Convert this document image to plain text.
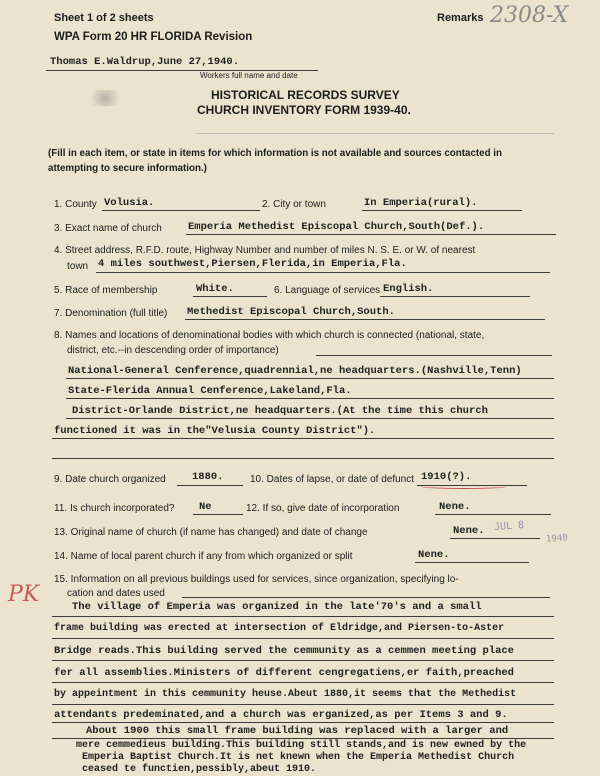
Sheet 1 of 2 sheets	Remarks 2308-X
WPA Form 20 HR FLORIDA Revision
Thomas E.Waldrup,June 27,1940.
Workers full name and date
HISTORICAL RECORDS SURVEY
CHURCH INVENTORY FORM 1939-40.
(Fill in each item, or state in items for which information is not available and sources contacted in
attempting to secure information.)
1. County Volusia.	2. City or town	In Emperia(rural).
3. Exact name of church Emperia Methedist Episcopal Church,South(Def.).
4. Street address, R.F.D. route, Highway Number and number of miles N. S. E. or W. of nearest
town 4 miles southwest,Piersen,Flerida,in Emperia,Fla.
5. Race of membership	White.	6. Language of services English.
7. Denomination (full title) Methedist Episcopal Church,South.
8. Names and locations of denominational bodies with which church is connected (national, state,
district, etc.--in descending order of importance)
National-General Cenference,quadrennial,ne headquarters.(Nashville,Tenn)
State-Flerida Annual Cenference,Lakeland,Fla.
District-Orlande District,ne headquarters.(At the time this church
functioned it was in the"Velusia County District").
9. Date church organized	1880.	10. Dates of lapse, or date of defunct 1910(?).
11. Is church incorporated? Ne	12. If so, give date of incorporation	Nene.
13. Original name of church (if name has changed) and date of change	Nene. JUL 8
1940
14. Name of local parent church if any from which organized or split	Nene.
15. Information on all previous buildings used for services, since organization, specifying lo-
cation and dates used
PK	The village of Emperia was organized in the late'70's and a small
frame building was erected at intersection of Eldridge,and Piersen-to-Aster
Bridge reads.This building served the cemmunity as a cemmen meeting place
fer all assemblies.Ministers of different cengregatiens,er faith,preached
by appeintment in this cemmunity heuse.Abeut 1880,it seems that the Methedist
attendants predeminated,and a church was erganized,as per Items 3 and 9.
About 1900 this small frame building was replaced with a larger and
mere cemmedieus building.This building still stands,and is new ewned by the
Emperia Baptist Church.It is net knewn when the Emperia Methedist Church
ceased te functien,pessibly,abeut 1910.
